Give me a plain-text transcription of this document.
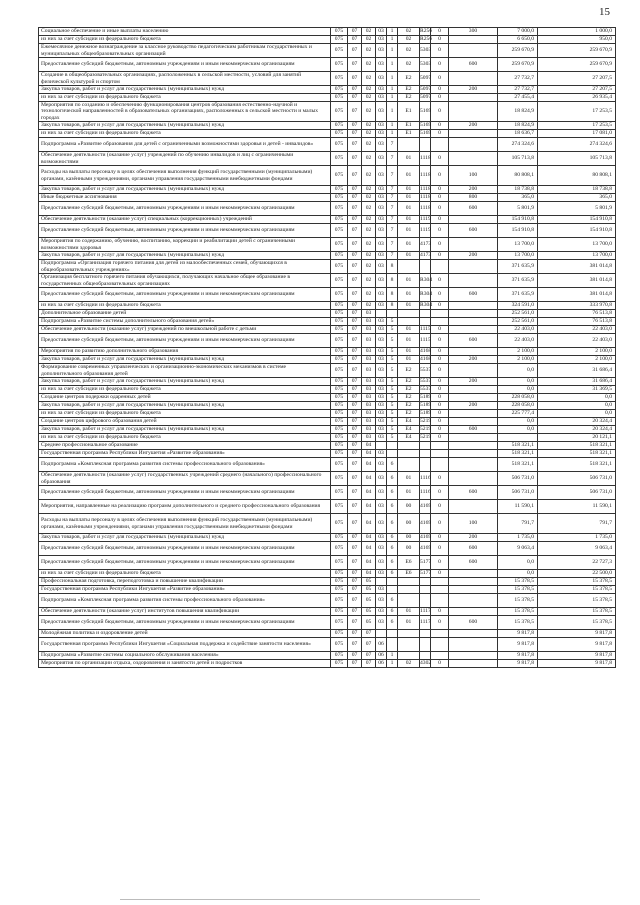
15
Социальное обеспечение и иные выплаты населению	075	07	02	03	1	02	R256	0	300	7 000,0	1 000,0
из них за счет субсидии из федерального бюджета	075	07	02	03	1	02	R256	0		6 650,0	950,0
Ежемесячное денежное вознаграждение за классное руководство педагогическим работникам государственных и муниципальных общеобразовательных организаций	075	07	02	03	1	02	5303	0		259 670,9	259 670,9
Предоставление субсидий бюджетным, автономным учреждениям и иным некоммерческим организациям	075	07	02	03	1	02	5303	0	600	259 670,9	259 670,9
Создание в общеобразовательных организациях, расположенных в сельской местности, условий для занятий физической культурой и спортом	075	07	02	03	1	E2	5097	0		27 732,7	27 207,5
Закупка товаров, работ и услуг для государственных (муниципальных) нужд	075	07	02	03	1	E2	5097	0	200	27 732,7	27 207,5
из них за счет субсидии из федерального бюджета	075	07	02	03	1	E2	5097	0		27 455,4	26 935,4
Мероприятия по созданию и обеспечению функционирования центров образования естественно-научной и технологической направленностей в образовательных организациях, расположенных в сельской местности и малых городах	075	07	02	03	1	E1	5169	0		18 824,9	17 253,5
Закупка товаров, работ и услуг для государственных (муниципальных) нужд	075	07	02	03	1	E1	5169	0	200	18 824,9	17 253,5
из них за счет субсидии из федерального бюджета	075	07	02	03	1	E1	5169	0		18 636,7	17 081,0
Подпрограмма «Развитие образования для детей с ограниченными возможностями здоровья и детей - инвалидов»	075	07	02	03	7					274 324,6	274 324,6
Обеспечение деятельности (оказание услуг) учреждений по обучению инвалидов и лиц с ограниченными возможностями	075	07	02	03	7	01	1118	0		105 713,8	105 713,8
Расходы на выплаты персоналу в целях обеспечения выполнения функций государственными (муниципальными) органами, казёнными учреждениями, органами управления государственными внебюджетными фондами	075	07	02	03	7	01	1118	0	100	80 808,1	80 808,1
Закупка товаров, работ и услуг для государственных (муниципальных) нужд	075	07	02	03	7	01	1118	0	200	18 738,8	18 738,8
Иные бюджетные ассигнования	075	07	02	03	7	01	1118	0	800	365,0	365,0
Предоставление субсидий бюджетным, автономным учреждениям и иным некоммерческим организациям	075	07	02	03	7	01	1118	0	600	5 801,9	5 801,9
Обеспечение деятельности (оказание услуг) специальных (коррекционных) учреждений	075	07	02	03	7	01	1119	0		154 910,8	154 910,8
Предоставление субсидий бюджетным, автономным учреждениям и иным некоммерческим организациям	075	07	02	03	7	01	1119	0	600	154 910,8	154 910,8
Мероприятия по содержанию, обучению, воспитанию, коррекции и реабилитации детей с ограниченными возможностями здоровья	075	07	02	03	7	01	4173	0		13 700,0	13 700,0
Закупка товаров, работ и услуг для государственных (муниципальных) нужд	075	07	02	03	7	01	4173	0	200	13 700,0	13 700,0
Подпрограмма «Организация горячего питания для детей из малообеспеченных семей, обучающихся в общеобразовательных учреждениях»	075	07	02	03	8					371 635,9	381 014,8
Организация бесплатного горячего питания обучающихся, получающих начальное общее образование в государственных общеобразовательных организациях	075	07	02	03	8	01	R304	0		371 635,9	381 014,8
Предоставление субсидий бюджетным, автономным учреждениям и иным некоммерческим организациям	075	07	02	03	8	01	R304	0	600	371 635,9	381 014,8
из них за счет субсидии из федерального бюджета	075	07	02	03	8	01	R304	0		324 591,0	333 970,8
Дополнительное образование детей	075	07	03							252 561,0	76 513,8
Подпрограмма «Развитие системы дополнительного образования детей»	075	07	03	03	5					252 561,0	76 513,8
Обеспечение деятельности (оказание услуг) учреждений по внешкольной работе с детьми	075	07	03	03	5	01	1115	0		22 403,0	22 403,0
Предоставление субсидий бюджетным, автономным учреждениям и иным некоммерческим организациям	075	07	03	03	5	01	1115	0	600	22 403,0	22 403,0
Мероприятия по развитию дополнительного образования	075	07	03	03	5	01	4168	0		2 100,0	2 100,0
Закупка товаров, работ и услуг для государственных (муниципальных) нужд	075	07	03	03	5	01	4168	0	200	2 100,0	2 100,0
Формирование современных управленческих и организационно-экономических механизмов в системе дополнительного образования детей	075	07	03	03	5	E2	5537	0		0,0	31 686,4
Закупка товаров, работ и услуг для государственных (муниципальных) нужд	075	07	03	03	5	E2	5537	0	200	0,0	31 686,4
из них за счет субсидии из федерального бюджета	075	07	03	03	5	E2	5537	0		0,0	31 369,5
Создание центров подержки одаренных детей	075	07	03	03	5	E2	5189	0		228 058,0	0,0
Закупка товаров, работ и услуг для государственных (муниципальных) нужд	075	07	03	03	5	E2	5189	0	200	228 058,0	0,0
из них за счет субсидии из федерального бюджета	075	07	03	03	5	E2	5189	0		225 777,4	0,0
Создание центров цифрового образования детей	075	07	03	03	5	E4	5219	0		0,0	20 324,4
Закупка товаров, работ и услуг для государственных (муниципальных) нужд	075	07	03	03	5	E4	5219	0	600	0,0	20 324,4
из них за счет субсидии из федерального бюджета	075	07	03	03	5	E4	5219	0			20 121,1
Среднее профессиональное образование	075	07	04							518 321,1	518 321,1
Государственная программа Республики Ингушетия «Развитие образования»	075	07	04	03						518 321,1	518 321,1
Подпрограмма «Комплексная программа развития системы профессионального образования»	075	07	04	03	6					518 321,1	518 321,1
Обеспечение деятельности (оказание услуг) государственных учреждений среднего (начального) профессионального образования	075	07	04	03	6	01	1116	0		506 731,0	506 731,0
Предоставление субсидий бюджетным, автономным учреждениям и иным некоммерческим организациям	075	07	04	03	6	01	1116	0	600	506 731,0	506 731,0
Мероприятия, направленные на реализацию программ дополнительного и среднего профессионального образования	075	07	04	03	6	00	4169	0		11 590,1	11 590,1
Расходы на выплаты персоналу в целях обеспечения выполнения функций государственными (муниципальными) органами, казёнными учреждениями, органами управления государственными внебюджетными фондами	075	07	04	03	6	00	4169	0	100	791,7	791,7
Закупка товаров, работ и услуг для государственных (муниципальных) нужд	075	07	04	03	6	00	4169	0	200	1 735,0	1 735,0
Предоставление субсидий бюджетным, автономным учреждениям и иным некоммерческим организациям	075	07	04	03	6	00	4169	0	600	9 063,4	9 063,4
Предоставление субсидий бюджетным, автономным учреждениям и иным некоммерческим организациям	075	07	04	03	6	E6	5177	0	600	0,0	22 727,3
из них за счет субсидии из федерального бюджета	075	07	04	03	6	E6	5177	0		0,0	22 500,0
Профессиональная подготовка, переподготовка и повышение квалификации	075	07	05							15 378,5	15 378,5
Государственная программа Республики Ингушетия «Развитие образования»	075	07	05	03						15 378,5	15 378,5
Подпрограмма «Комплексная программа развития системы профессионального образования»	075	07	05	03	6					15 378,5	15 378,5
Обеспечение деятельности (оказание услуг) институтов повышения квалификации	075	07	05	03	6	01	1117	0		15 378,5	15 378,5
Предоставление субсидий бюджетным, автономным учреждениям и иным некоммерческим организациям	075	07	05	03	6	01	1117	0	600	15 378,5	15 378,5
Молодёжная политика и оздоровление детей	075	07	07							9 817,8	9 817,8
Государственная программа Республики Ингушетия «Социальная поддержка и содействие занятости населения»	075	07	07	06						9 817,8	9 817,8
Подпрограмма «Развитие системы социального обслуживания населения»	075	07	07	06	1					9 817,8	9 817,8
Мероприятия по организации отдыха, оздоровления и занятости детей и подростков	075	07	07	06	1	02	4302	0		9 817,8	9 817,8
